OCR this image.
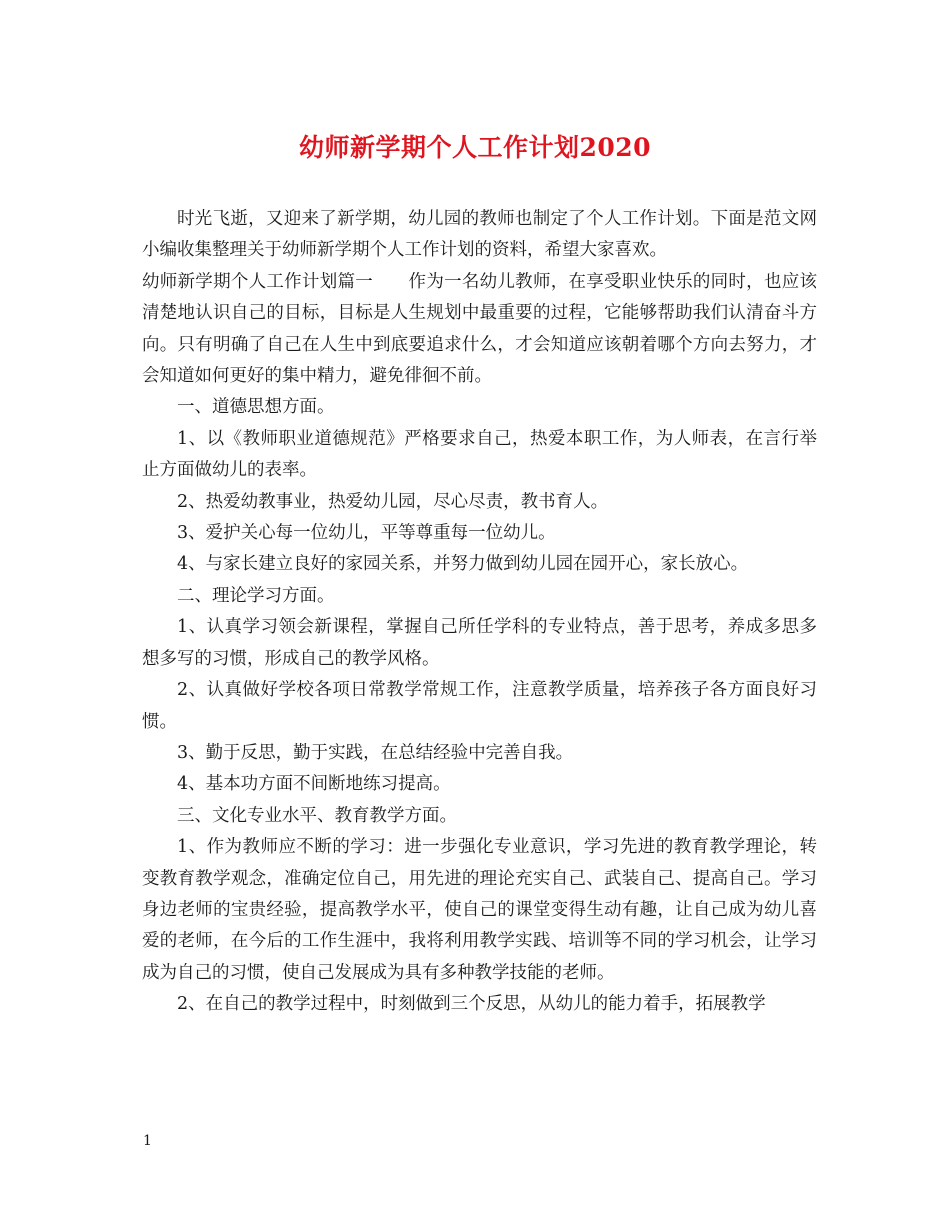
幼师新学期个人工作计划2020

时光飞逝，又迎来了新学期，幼儿园的教师也制定了个人工作计划。下面是范文网小编收集整理关于幼师新学期个人工作计划的资料，希望大家喜欢。

幼师新学期个人工作计划篇一　　作为一名幼儿教师，在享受职业快乐的同时，也应该清楚地认识自己的目标，目标是人生规划中最重要的过程，它能够帮助我们认清奋斗方向。只有明确了自己在人生中到底要追求什么，才会知道应该朝着哪个方向去努力，才会知道如何更好的集中精力，避免徘徊不前。

一、道德思想方面。

1、以《教师职业道德规范》严格要求自己，热爱本职工作，为人师表，在言行举止方面做幼儿的表率。

2、热爱幼教事业，热爱幼儿园，尽心尽责，教书育人。

3、爱护关心每一位幼儿，平等尊重每一位幼儿。

4、与家长建立良好的家园关系，并努力做到幼儿园在园开心，家长放心。

二、理论学习方面。

1、认真学习领会新课程，掌握自己所任学科的专业特点，善于思考，养成多思多想多写的习惯，形成自己的教学风格。

2、认真做好学校各项日常教学常规工作，注意教学质量，培养孩子各方面良好习惯。

3、勤于反思，勤于实践，在总结经验中完善自我。

4、基本功方面不间断地练习提高。

三、文化专业水平、教育教学方面。

1、作为教师应不断的学习：进一步强化专业意识，学习先进的教育教学理论，转变教育教学观念，准确定位自己，用先进的理论充实自己、武装自己、提高自己。学习身边老师的宝贵经验，提高教学水平，使自己的课堂变得生动有趣，让自己成为幼儿喜爱的老师，在今后的工作生涯中，我将利用教学实践、培训等不同的学习机会，让学习成为自己的习惯，使自己发展成为具有多种教学技能的老师。

2、在自己的教学过程中，时刻做到三个反思，从幼儿的能力着手，拓展教学

1
